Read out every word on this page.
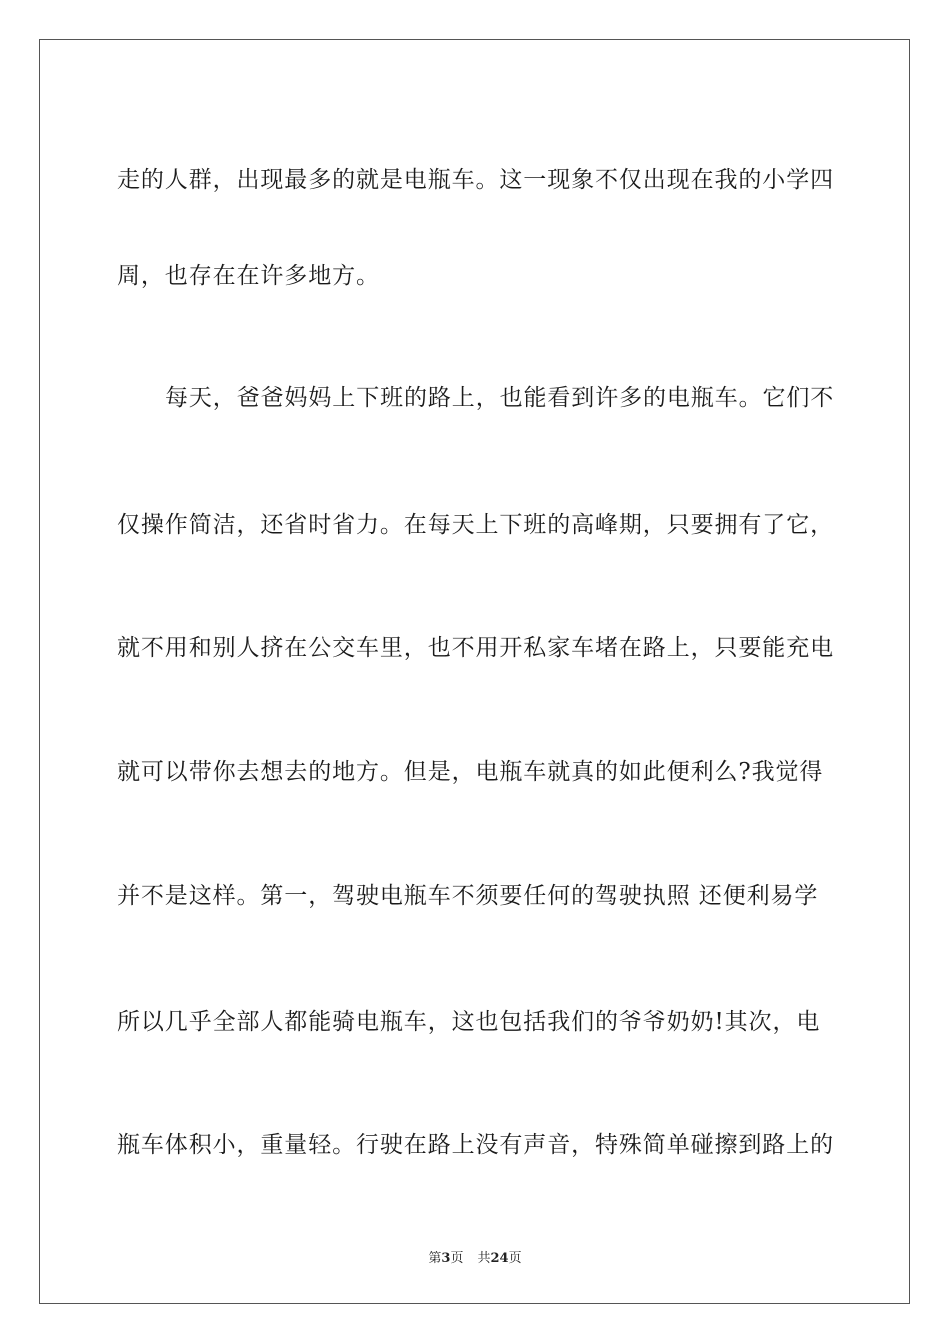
走的人群，出现最多的就是电瓶车。这一现象不仅出现在我的小学四
周，也存在在许多地方。
每天，爸爸妈妈上下班的路上，也能看到许多的电瓶车。它们不
仅操作简洁，还省时省力。在每天上下班的高峰期，只要拥有了它，
就不用和别人挤在公交车里，也不用开私家车堵在路上，只要能充电
就可以带你去想去的地方。但是，电瓶车就真的如此便利么?我觉得
并不是这样。第一，驾驶电瓶车不须要任何的驾驶执照 还便利易学
所以几乎全部人都能骑电瓶车，这也包括我们的爷爷奶奶!其次，电
瓶车体积小，重量轻。行驶在路上没有声音，特殊简单碰擦到路上的
第3页 共24页
